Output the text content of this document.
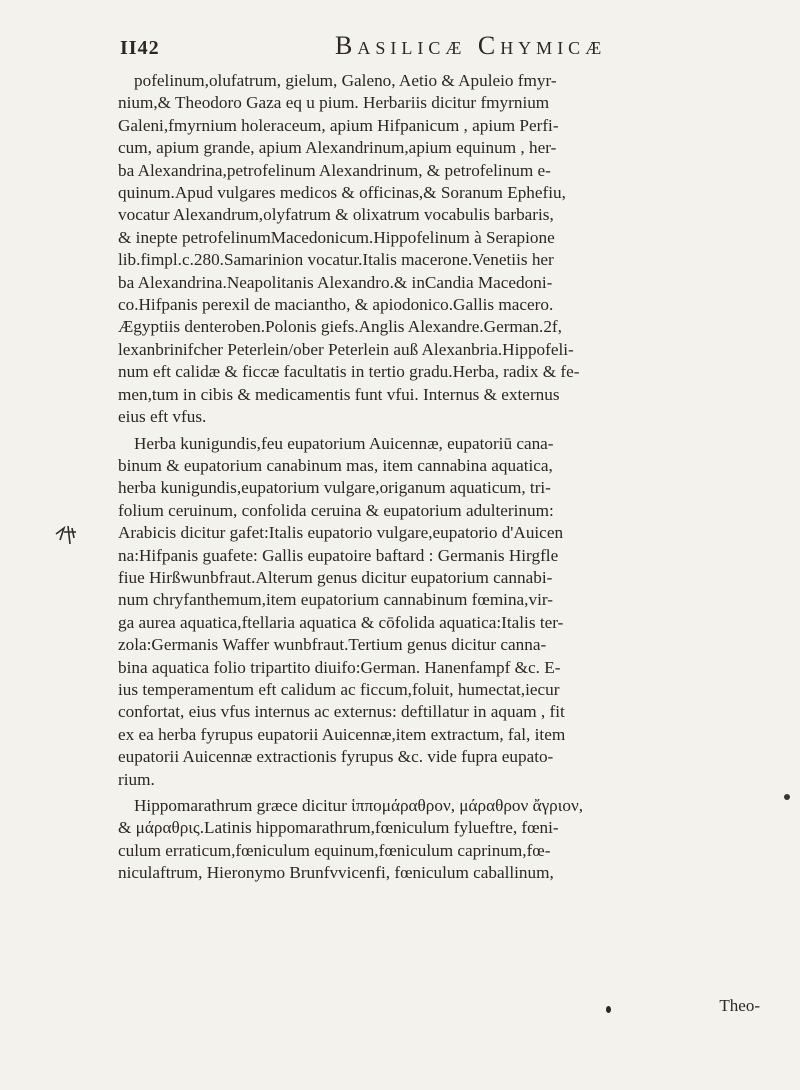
II42	Basilicæ Chymicæ
pofelinum,olufatrum, gielum, Galeno, Aetio & Apuleio fmyr-
nium,& Theodoro Gaza eq u pium. Herbariis dicitur fmyrnium
Galeni,fmyrnium holeraceum, apium Hifpanicum , apium Perfi-
cum, apium grande, apium Alexandrinum,apium equinum , her-
ba Alexandrina,petrofelinum Alexandrinum, & petrofelinum e-
quinum.Apud vulgares medicos & officinas,& Soranum Ephefiu,
vocatur Alexandrum,olyfatrum & olixatrum vocabulis barbaris,
& inepte petrofelinumMacedonicum.Hippofelinum à Serapione
lib.fimpl.c.280.Samarinion vocatur.Italis macerone.Venetiis her
ba Alexandrina.Neapolitanis Alexandro.& inCandia Macedoni-
co.Hifpanis perexil de maciantho, & apiodonico.Gallis macero.
Ægyptiis denteroben.Polonis giefs.Anglis Alexandre.German.2f,
lexanbrinifcher Peterlein/ober Peterlein auß Alexanbria.Hippofeli-
num eft calidæ & ficcæ facultatis in tertio gradu.Herba, radix & fe-
men,tum in cibis & medicamentis funt vfui. Internus & externus
eius eft vfus.
Herba kunigundis,feu eupatorium Auicennæ, eupatoriū cana-
binum & eupatorium canabinum mas, item cannabina aquatica,
herba kunigundis,eupatorium vulgare,origanum aquaticum, tri-
folium ceruinum, confolida ceruina & eupatorium adulterinum:
Arabicis dicitur gafet:Italis eupatorio vulgare,eupatorio d'Auicen
na:Hifpanis guafete: Gallis eupatoire baftard : Germanis Hirgfle
fiue Hirßwunbfraut.Alterum genus dicitur eupatorium cannabi-
num chryfanthemum,item eupatorium cannabinum fœmina,vir-
ga aurea aquatica,ftellaria aquatica & cōfolida aquatica:Italis ter-
zola:Germanis Waffer wunbfraut.Tertium genus dicitur canna-
bina aquatica folio tripartito diuifo:German. Hanenfampf &c. E-
ius temperamentum eft calidum ac ficcum,foluit, humectat,iecur
confortat, eius vfus internus ac externus: deftillatur in aquam , fit
ex ea herba fyrupus eupatorii Auicennæ,item extractum, fal, item
eupatorii Auicennæ extractionis fyrupus &c. vide fupra eupato-
rium.
Hippomarathrum græce dicitur ἱππομάραθρον, μάραθρον ἄγριον,
& μάραθρις.Latinis hippomarathrum,fœniculum fylueftre, fœni-
culum erraticum,fœniculum equinum,fœniculum caprinum,fœ-
niculaftrum, Hieronymo Brunfvvicenfi, fœniculum caballinum,
Theo-
